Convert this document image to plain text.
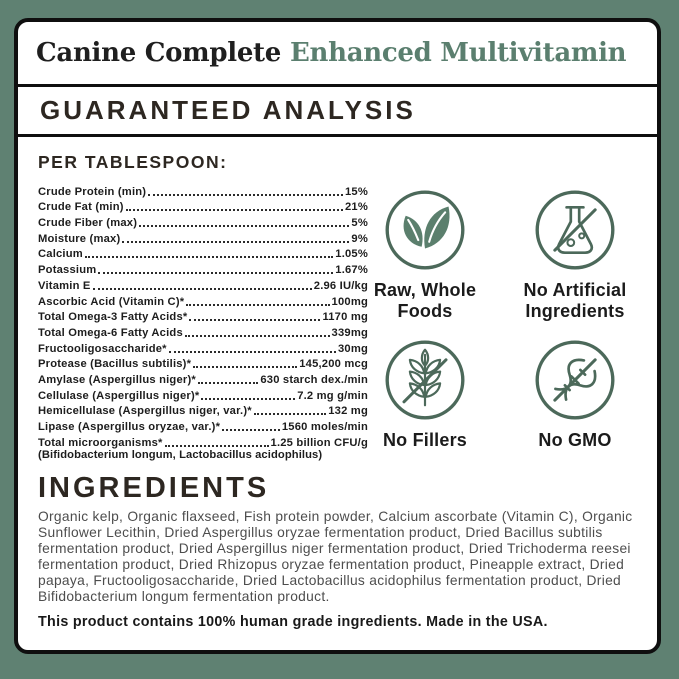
Canine Complete Enhanced Multivitamin
GUARANTEED ANALYSIS
PER TABLESPOON:
Crude Protein (min)	15%
Crude Fat (min)	21%
Crude Fiber (max)	5%
Moisture (max)	9%
Calcium	1.05%
Potassium	1.67%
Vitamin E	2.96 IU/kg
Ascorbic Acid (Vitamin C)*	100mg
Total Omega-3 Fatty Acids*	1170 mg
Total Omega-6 Fatty Acids	339mg
Fructooligosaccharide*	30mg
Protease (Bacillus subtilis)*	145,200 mcg
Amylase (Aspergillus niger)*	630 starch dex./min
Cellulase (Aspergillus niger)*	7.2 mg g/min
Hemicellulase (Aspergillus niger, var.)*	132 mg
Lipase (Aspergillus oryzae, var.)*	1560 moles/min
Total microorganisms*	1.25 billion CFU/g
(Bifidobacterium longum, Lactobacillus acidophilus)
Raw, Whole
Foods
No Artificial
Ingredients
No Fillers	No GMO
INGREDIENTS
Organic kelp, Organic flaxseed, Fish protein powder, Calcium ascorbate (Vitamin C), Organic Sunflower Lecithin, Dried Aspergillus oryzae fermentation product, Dried Bacillus subtilis fermentation product, Dried Aspergillus niger fermentation product, Dried Trichoderma reesei fermentation product, Dried Rhizopus oryzae fermentation product, Pineapple extract, Dried papaya, Fructooligosaccharide, Dried Lactobacillus acidophilus fermentation product, Dried Bifidobacterium longum fermentation product.
This product contains 100% human grade ingredients. Made in the USA.
